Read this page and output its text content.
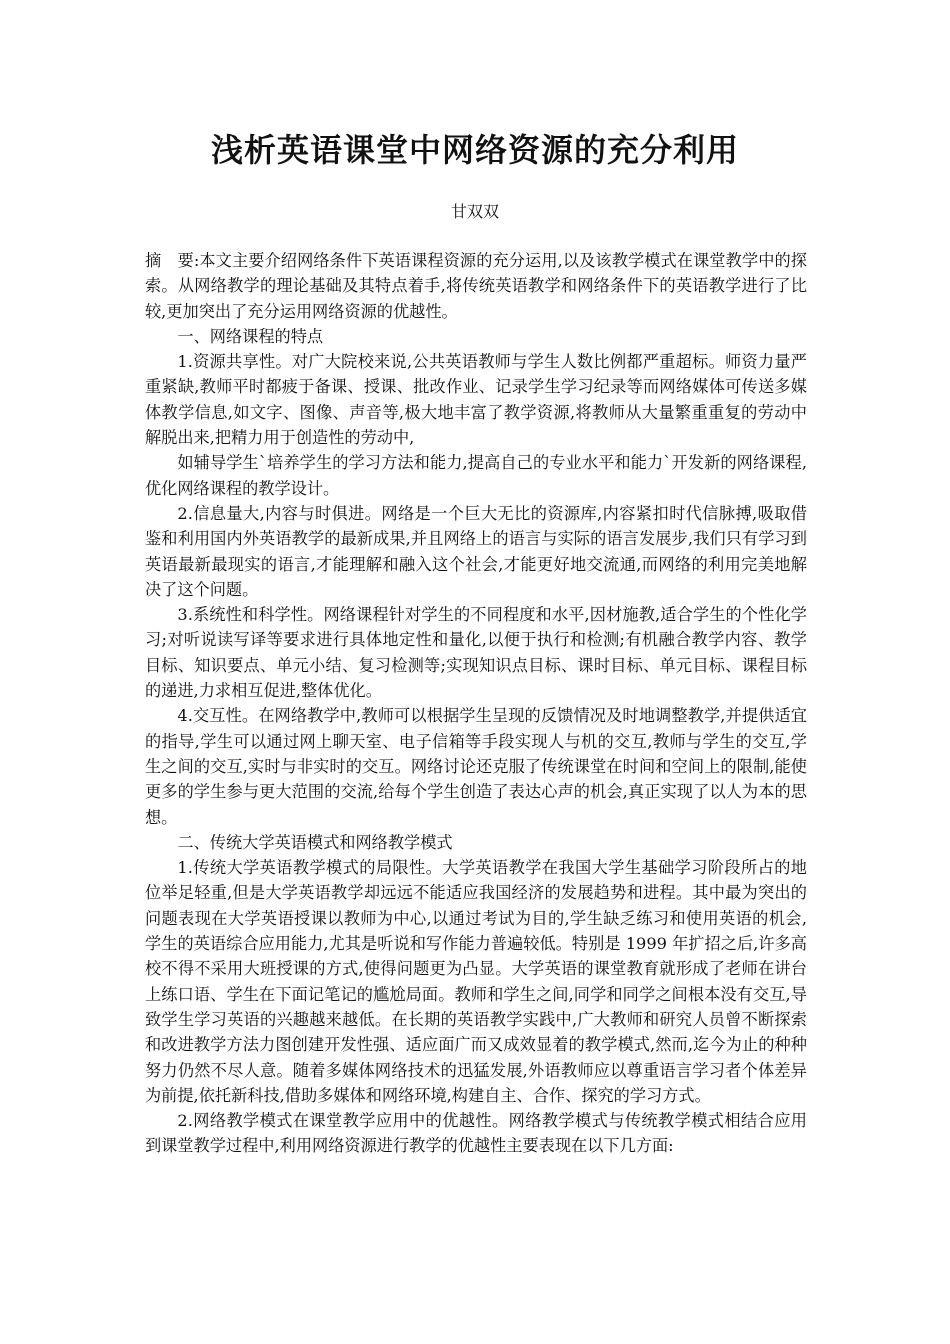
浅析英语课堂中网络资源的充分利用

甘双双

摘　要:本文主要介绍网络条件下英语课程资源的充分运用,以及该教学模式在课堂教学中的探索。从网络教学的理论基础及其特点着手,将传统英语教学和网络条件下的英语教学进行了比较,更加突出了充分运用网络资源的优越性。

一、网络课程的特点

1.资源共享性。对广大院校来说,公共英语教师与学生人数比例都严重超标。师资力量严重紧缺,教师平时都疲于备课、授课、批改作业、记录学生学习纪录等而网络媒体可传送多媒体教学信息,如文字、图像、声音等,极大地丰富了教学资源,将教师从大量繁重重复的劳动中解脱出来,把精力用于创造性的劳动中,

如辅导学生`培养学生的学习方法和能力,提高自己的专业水平和能力`开发新的网络课程,优化网络课程的教学设计。

2.信息量大,内容与时俱进。网络是一个巨大无比的资源库,内容紧扣时代信脉搏,吸取借鉴和利用国内外英语教学的最新成果,并且网络上的语言与实际的语言发展步,我们只有学习到英语最新最现实的语言,才能理解和融入这个社会,才能更好地交流通,而网络的利用完美地解决了这个问题。

3.系统性和科学性。网络课程针对学生的不同程度和水平,因材施教,适合学生的个性化学习;对听说读写译等要求进行具体地定性和量化,以便于执行和检测;有机融合教学内容、教学目标、知识要点、单元小结、复习检测等;实现知识点目标、课时目标、单元目标、课程目标的递进,力求相互促进,整体优化。

4.交互性。在网络教学中,教师可以根据学生呈现的反馈情况及时地调整教学,并提供适宜的指导,学生可以通过网上聊天室、电子信箱等手段实现人与机的交互,教师与学生的交互,学生之间的交互,实时与非实时的交互。网络讨论还克服了传统课堂在时间和空间上的限制,能使更多的学生参与更大范围的交流,给每个学生创造了表达心声的机会,真正实现了以人为本的思想。

二、传统大学英语模式和网络教学模式

1.传统大学英语教学模式的局限性。大学英语教学在我国大学生基础学习阶段所占的地位举足轻重,但是大学英语教学却远远不能适应我国经济的发展趋势和进程。其中最为突出的问题表现在大学英语授课以教师为中心,以通过考试为目的,学生缺乏练习和使用英语的机会,学生的英语综合应用能力,尤其是听说和写作能力普遍较低。特别是 1999 年扩招之后,许多高校不得不采用大班授课的方式,使得问题更为凸显。大学英语的课堂教育就形成了老师在讲台上练口语、学生在下面记笔记的尴尬局面。教师和学生之间,同学和同学之间根本没有交互,导致学生学习英语的兴趣越来越低。在长期的英语教学实践中,广大教师和研究人员曾不断探索和改进教学方法力图创建开发性强、适应面广而又成效显着的教学模式,然而,迄今为止的种种努力仍然不尽人意。随着多媒体网络技术的迅猛发展,外语教师应以尊重语言学习者个体差异为前提,依托新科技,借助多媒体和网络环境,构建自主、合作、探究的学习方式。

2.网络教学模式在课堂教学应用中的优越性。网络教学模式与传统教学模式相结合应用到课堂教学过程中,利用网络资源进行教学的优越性主要表现在以下几方面:
